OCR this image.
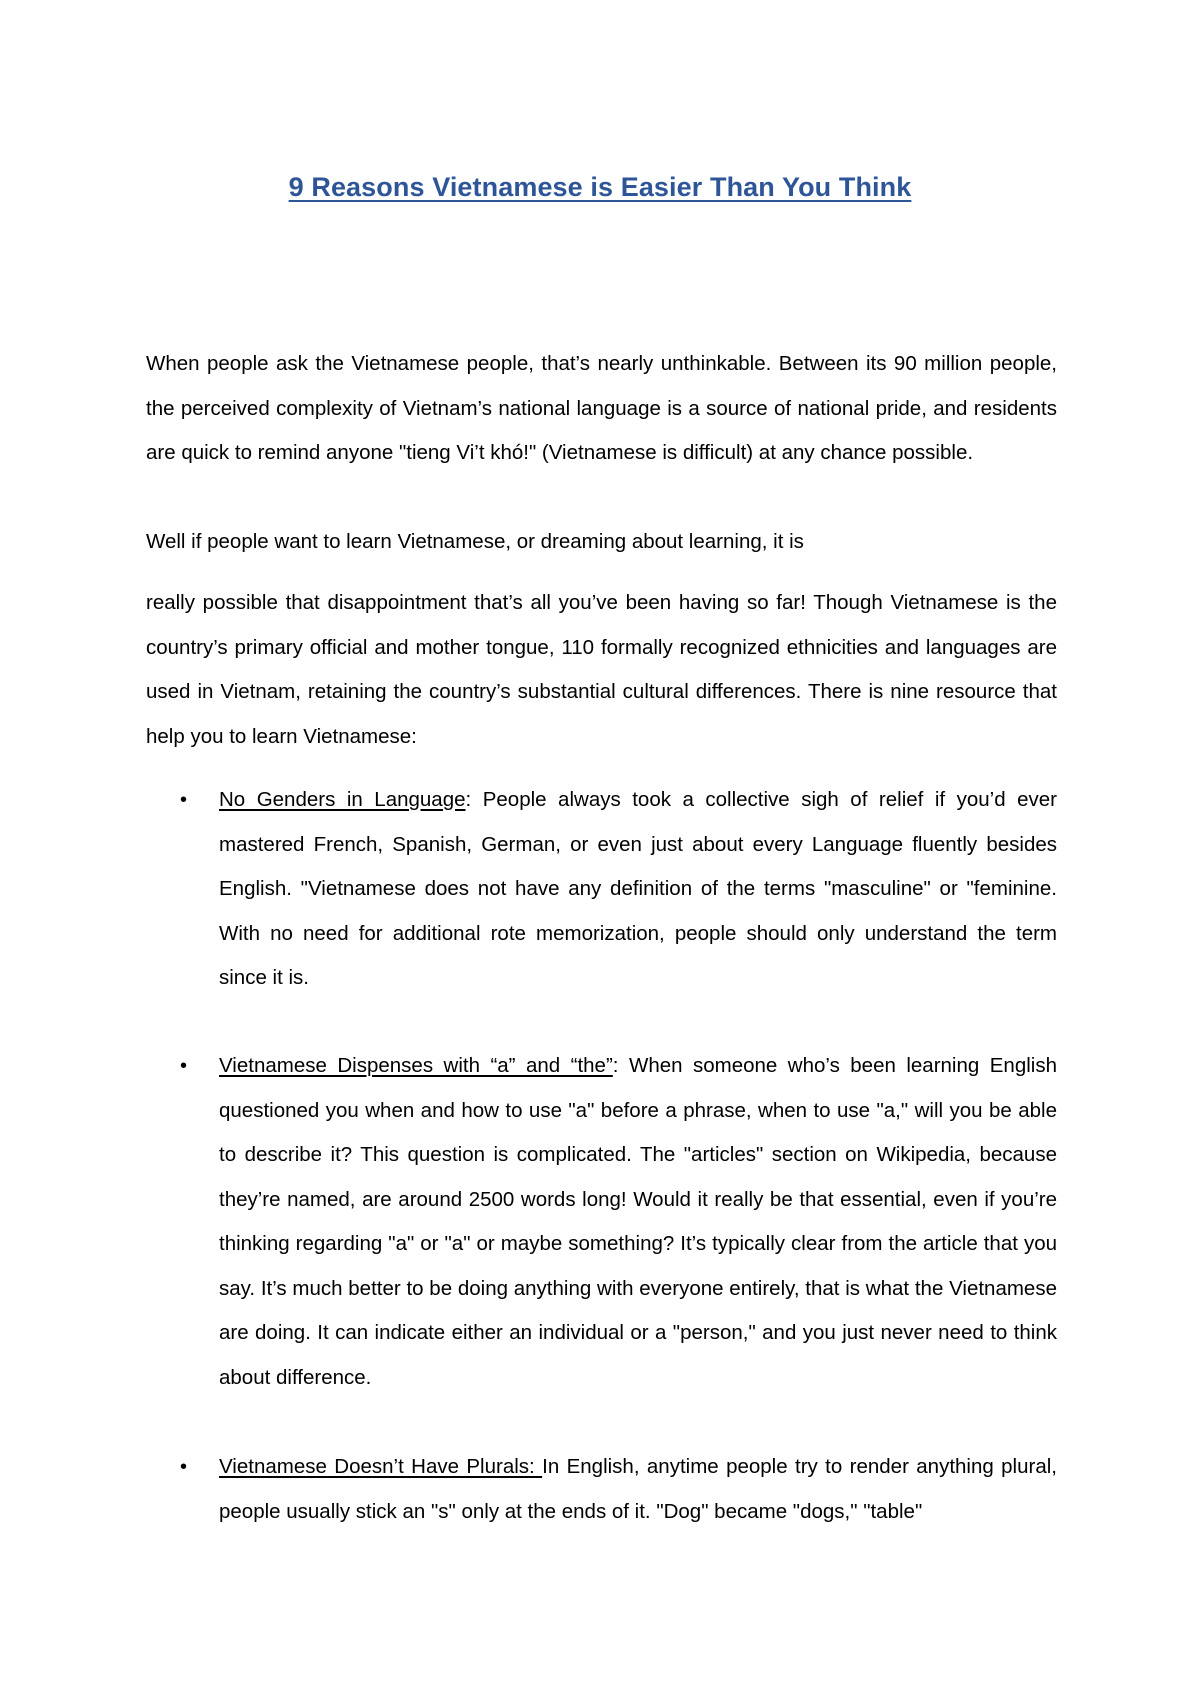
9 Reasons Vietnamese is Easier Than You Think
When people ask the Vietnamese people, that’s nearly unthinkable. Between its 90 million people, the perceived complexity of Vietnam’s national language is a source of national pride, and residents are quick to remind anyone "tieng Vi’t khó!" (Vietnamese is difficult) at any chance possible.
Well if people want to learn Vietnamese, or dreaming about learning, it is
really possible that disappointment that’s all you’ve been having so far! Though Vietnamese is the country’s primary official and mother tongue, 110 formally recognized ethnicities and languages are used in Vietnam, retaining the country’s substantial cultural differences. There is nine resource that help you to learn Vietnamese:
• No Genders in Language: People always took a collective sigh of relief if you’d ever mastered French, Spanish, German, or even just about every Language fluently besides English. "Vietnamese does not have any definition of the terms "masculine" or "feminine. With no need for additional rote memorization, people should only understand the term since it is.
• Vietnamese Dispenses with “a” and “the”: When someone who’s been learning English questioned you when and how to use "a" before a phrase, when to use "a," will you be able to describe it? This question is complicated. The "articles" section on Wikipedia, because they’re named, are around 2500 words long! Would it really be that essential, even if you’re thinking regarding "a" or "a" or maybe something? It’s typically clear from the article that you say. It’s much better to be doing anything with everyone entirely, that is what the Vietnamese are doing. It can indicate either an individual or a "person," and you just never need to think about difference.
• Vietnamese Doesn’t Have Plurals: In English, anytime people try to render anything plural, people usually stick an "s" only at the ends of it. "Dog" became "dogs," "table"
